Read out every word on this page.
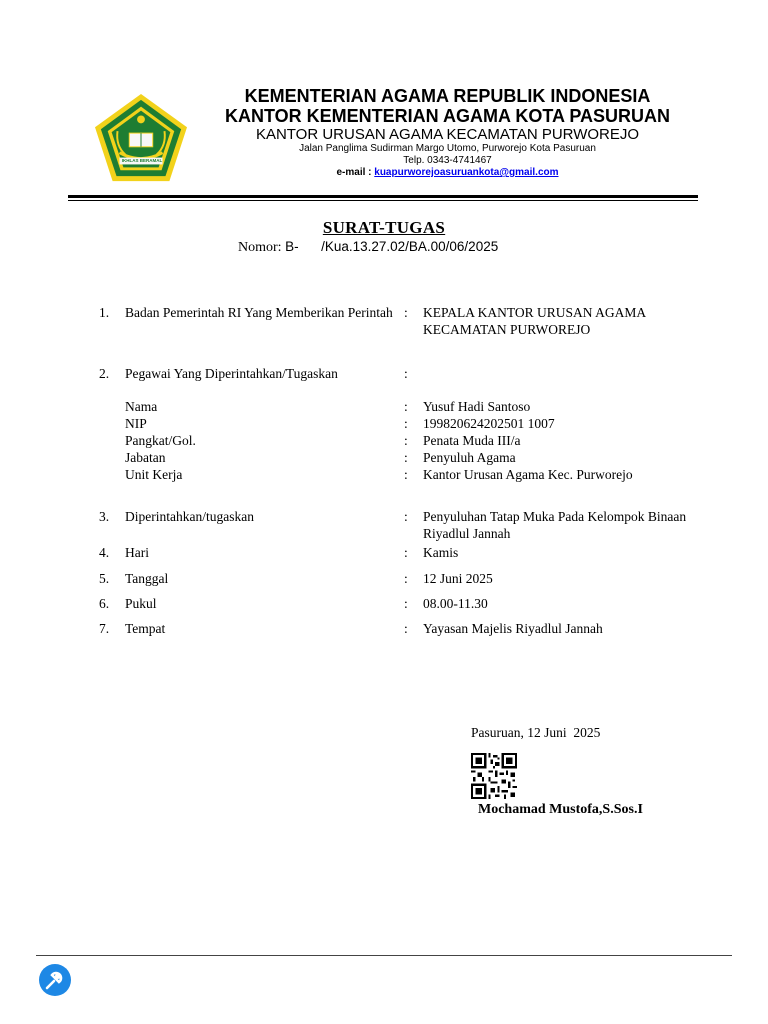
IKHLAS BERAMAL
KEMENTERIAN AGAMA REPUBLIK INDONESIA
KANTOR KEMENTERIAN AGAMA KOTA PASURUAN
KANTOR URUSAN AGAMA KECAMATAN PURWOREJO
Jalan Panglima Sudirman Margo Utomo, Purworejo Kota Pasuruan
Telp. 0343-4741467
e-mail : kuapurworejoasuruankota@gmail.com
SURAT-TUGAS
Nomor: B-      /Kua.13.27.02/BA.00/06/2025
1. Badan Pemerintah RI Yang Memberikan Perintah : KEPALA KANTOR URUSAN AGAMA KECAMATAN PURWOREJO
2. Pegawai Yang Diperintahkan/Tugaskan	:
Nama	: Yusuf Hadi Santoso
NIP	: 199820624202501 1007
Pangkat/Gol.	: Penata Muda III/a
Jabatan	: Penyuluh Agama
Unit Kerja	: Kantor Urusan Agama Kec. Purworejo
3. Diperintahkan/tugaskan	: Penyuluhan Tatap Muka Pada Kelompok Binaan Riyadlul Jannah
4. Hari	: Kamis
5. Tanggal	: 12 Juni 2025
6. Pukul	: 08.00-11.30
7. Tempat	: Yayasan Majelis Riyadlul Jannah
Pasuruan, 12 Juni  2025
Mochamad Mustofa,S.Sos.I
